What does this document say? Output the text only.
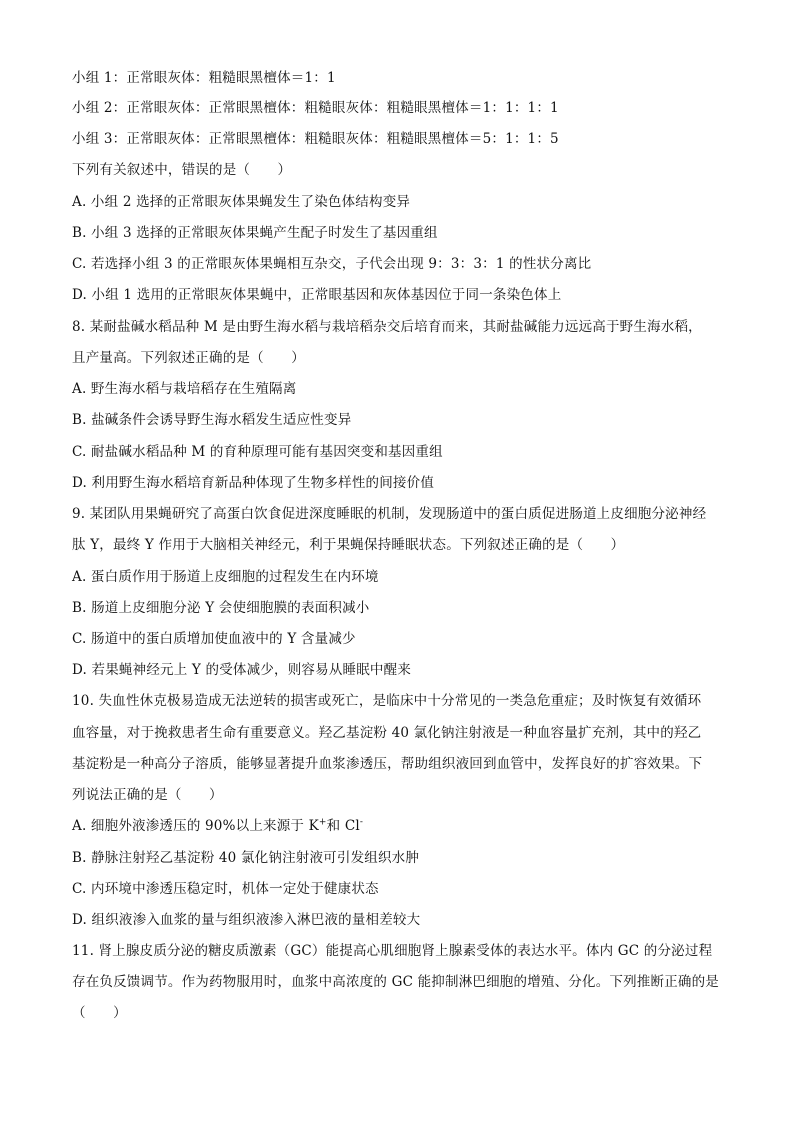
小组 1：正常眼灰体：粗糙眼黑檀体＝1：1
小组 2：正常眼灰体：正常眼黑檀体：粗糙眼灰体：粗糙眼黑檀体＝1：1：1：1
小组 3：正常眼灰体：正常眼黑檀体：粗糙眼灰体：粗糙眼黑檀体＝5：1：1：5
下列有关叙述中，错误的是（　　）
A. 小组 2 选择的正常眼灰体果蝇发生了染色体结构变异
B. 小组 3 选择的正常眼灰体果蝇产生配子时发生了基因重组
C. 若选择小组 3 的正常眼灰体果蝇相互杂交，子代会出现 9：3：3：1 的性状分离比
D. 小组 1 选用的正常眼灰体果蝇中，正常眼基因和灰体基因位于同一条染色体上
8. 某耐盐碱水稻品种 M 是由野生海水稻与栽培稻杂交后培育而来，其耐盐碱能力远远高于野生海水稻，
且产量高。下列叙述正确的是（　　）
A. 野生海水稻与栽培稻存在生殖隔离
B. 盐碱条件会诱导野生海水稻发生适应性变异
C. 耐盐碱水稻品种 M 的育种原理可能有基因突变和基因重组
D. 利用野生海水稻培育新品种体现了生物多样性的间接价值
9. 某团队用果蝇研究了高蛋白饮食促进深度睡眠的机制，发现肠道中的蛋白质促进肠道上皮细胞分泌神经
肽 Y，最终 Y 作用于大脑相关神经元，利于果蝇保持睡眠状态。下列叙述正确的是（　　）
A. 蛋白质作用于肠道上皮细胞的过程发生在内环境
B. 肠道上皮细胞分泌 Y 会使细胞膜的表面积减小
C. 肠道中的蛋白质增加使血液中的 Y 含量减少
D. 若果蝇神经元上 Y 的受体减少，则容易从睡眠中醒来
10. 失血性休克极易造成无法逆转的损害或死亡，是临床中十分常见的一类急危重症；及时恢复有效循环
血容量，对于挽救患者生命有重要意义。羟乙基淀粉 40 氯化钠注射液是一种血容量扩充剂，其中的羟乙
基淀粉是一种高分子溶质，能够显著提升血浆渗透压，帮助组织液回到血管中，发挥良好的扩容效果。下
列说法正确的是（　　）
A. 细胞外液渗透压的 90%以上来源于 K+和 Cl-
B. 静脉注射羟乙基淀粉 40 氯化钠注射液可引发组织水肿
C. 内环境中渗透压稳定时，机体一定处于健康状态
D. 组织液渗入血浆的量与组织液渗入淋巴液的量相差较大
11. 肾上腺皮质分泌的糖皮质激素（GC）能提高心肌细胞肾上腺素受体的表达水平。体内 GC 的分泌过程
存在负反馈调节。作为药物服用时，血浆中高浓度的 GC 能抑制淋巴细胞的增殖、分化。下列推断正确的是
（　　）
